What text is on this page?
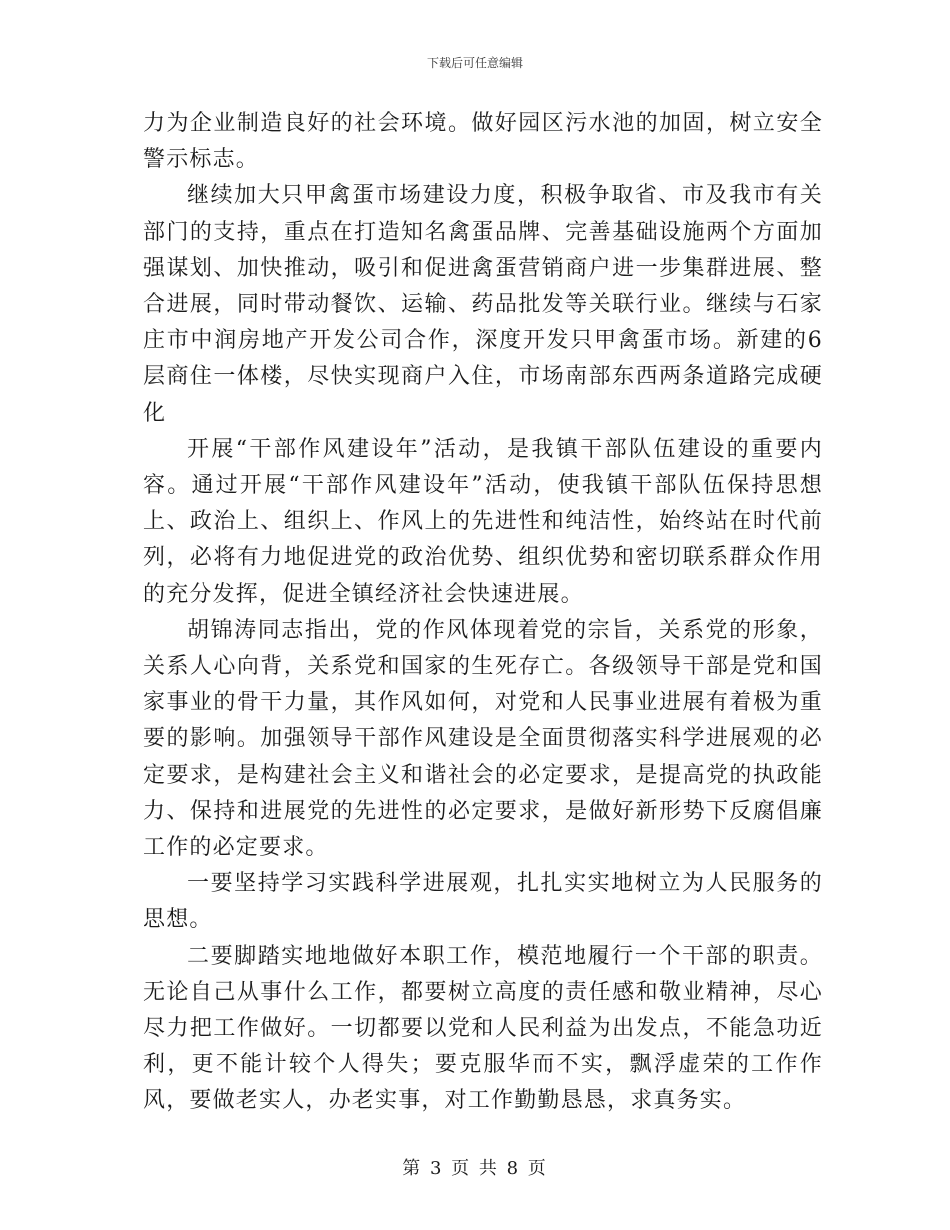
下载后可任意编辑

力为企业制造良好的社会环境。做好园区污水池的加固，树立安全警示标志。

继续加大只甲禽蛋市场建设力度，积极争取省、市及我市有关部门的支持，重点在打造知名禽蛋品牌、完善基础设施两个方面加强谋划、加快推动，吸引和促进禽蛋营销商户进一步集群进展、整合进展，同时带动餐饮、运输、药品批发等关联行业。继续与石家庄市中润房地产开发公司合作，深度开发只甲禽蛋市场。新建的6层商住一体楼，尽快实现商户入住，市场南部东西两条道路完成硬化

开展“干部作风建设年”活动，是我镇干部队伍建设的重要内容。通过开展“干部作风建设年”活动，使我镇干部队伍保持思想上、政治上、组织上、作风上的先进性和纯洁性，始终站在时代前列，必将有力地促进党的政治优势、组织优势和密切联系群众作用的充分发挥，促进全镇经济社会快速进展。

胡锦涛同志指出，党的作风体现着党的宗旨，关系党的形象，关系人心向背，关系党和国家的生死存亡。各级领导干部是党和国家事业的骨干力量，其作风如何，对党和人民事业进展有着极为重要的影响。加强领导干部作风建设是全面贯彻落实科学进展观的必定要求，是构建社会主义和谐社会的必定要求，是提高党的执政能力、保持和进展党的先进性的必定要求，是做好新形势下反腐倡廉工作的必定要求。

一要坚持学习实践科学进展观，扎扎实实地树立为人民服务的思想。

二要脚踏实地地做好本职工作，模范地履行一个干部的职责。无论自己从事什么工作，都要树立高度的责任感和敬业精神，尽心尽力把工作做好。一切都要以党和人民利益为出发点，不能急功近利，更不能计较个人得失；要克服华而不实，飘浮虚荣的工作作风，要做老实人，办老实事，对工作勤勤恳恳，求真务实。

第 3 页 共 8 页
